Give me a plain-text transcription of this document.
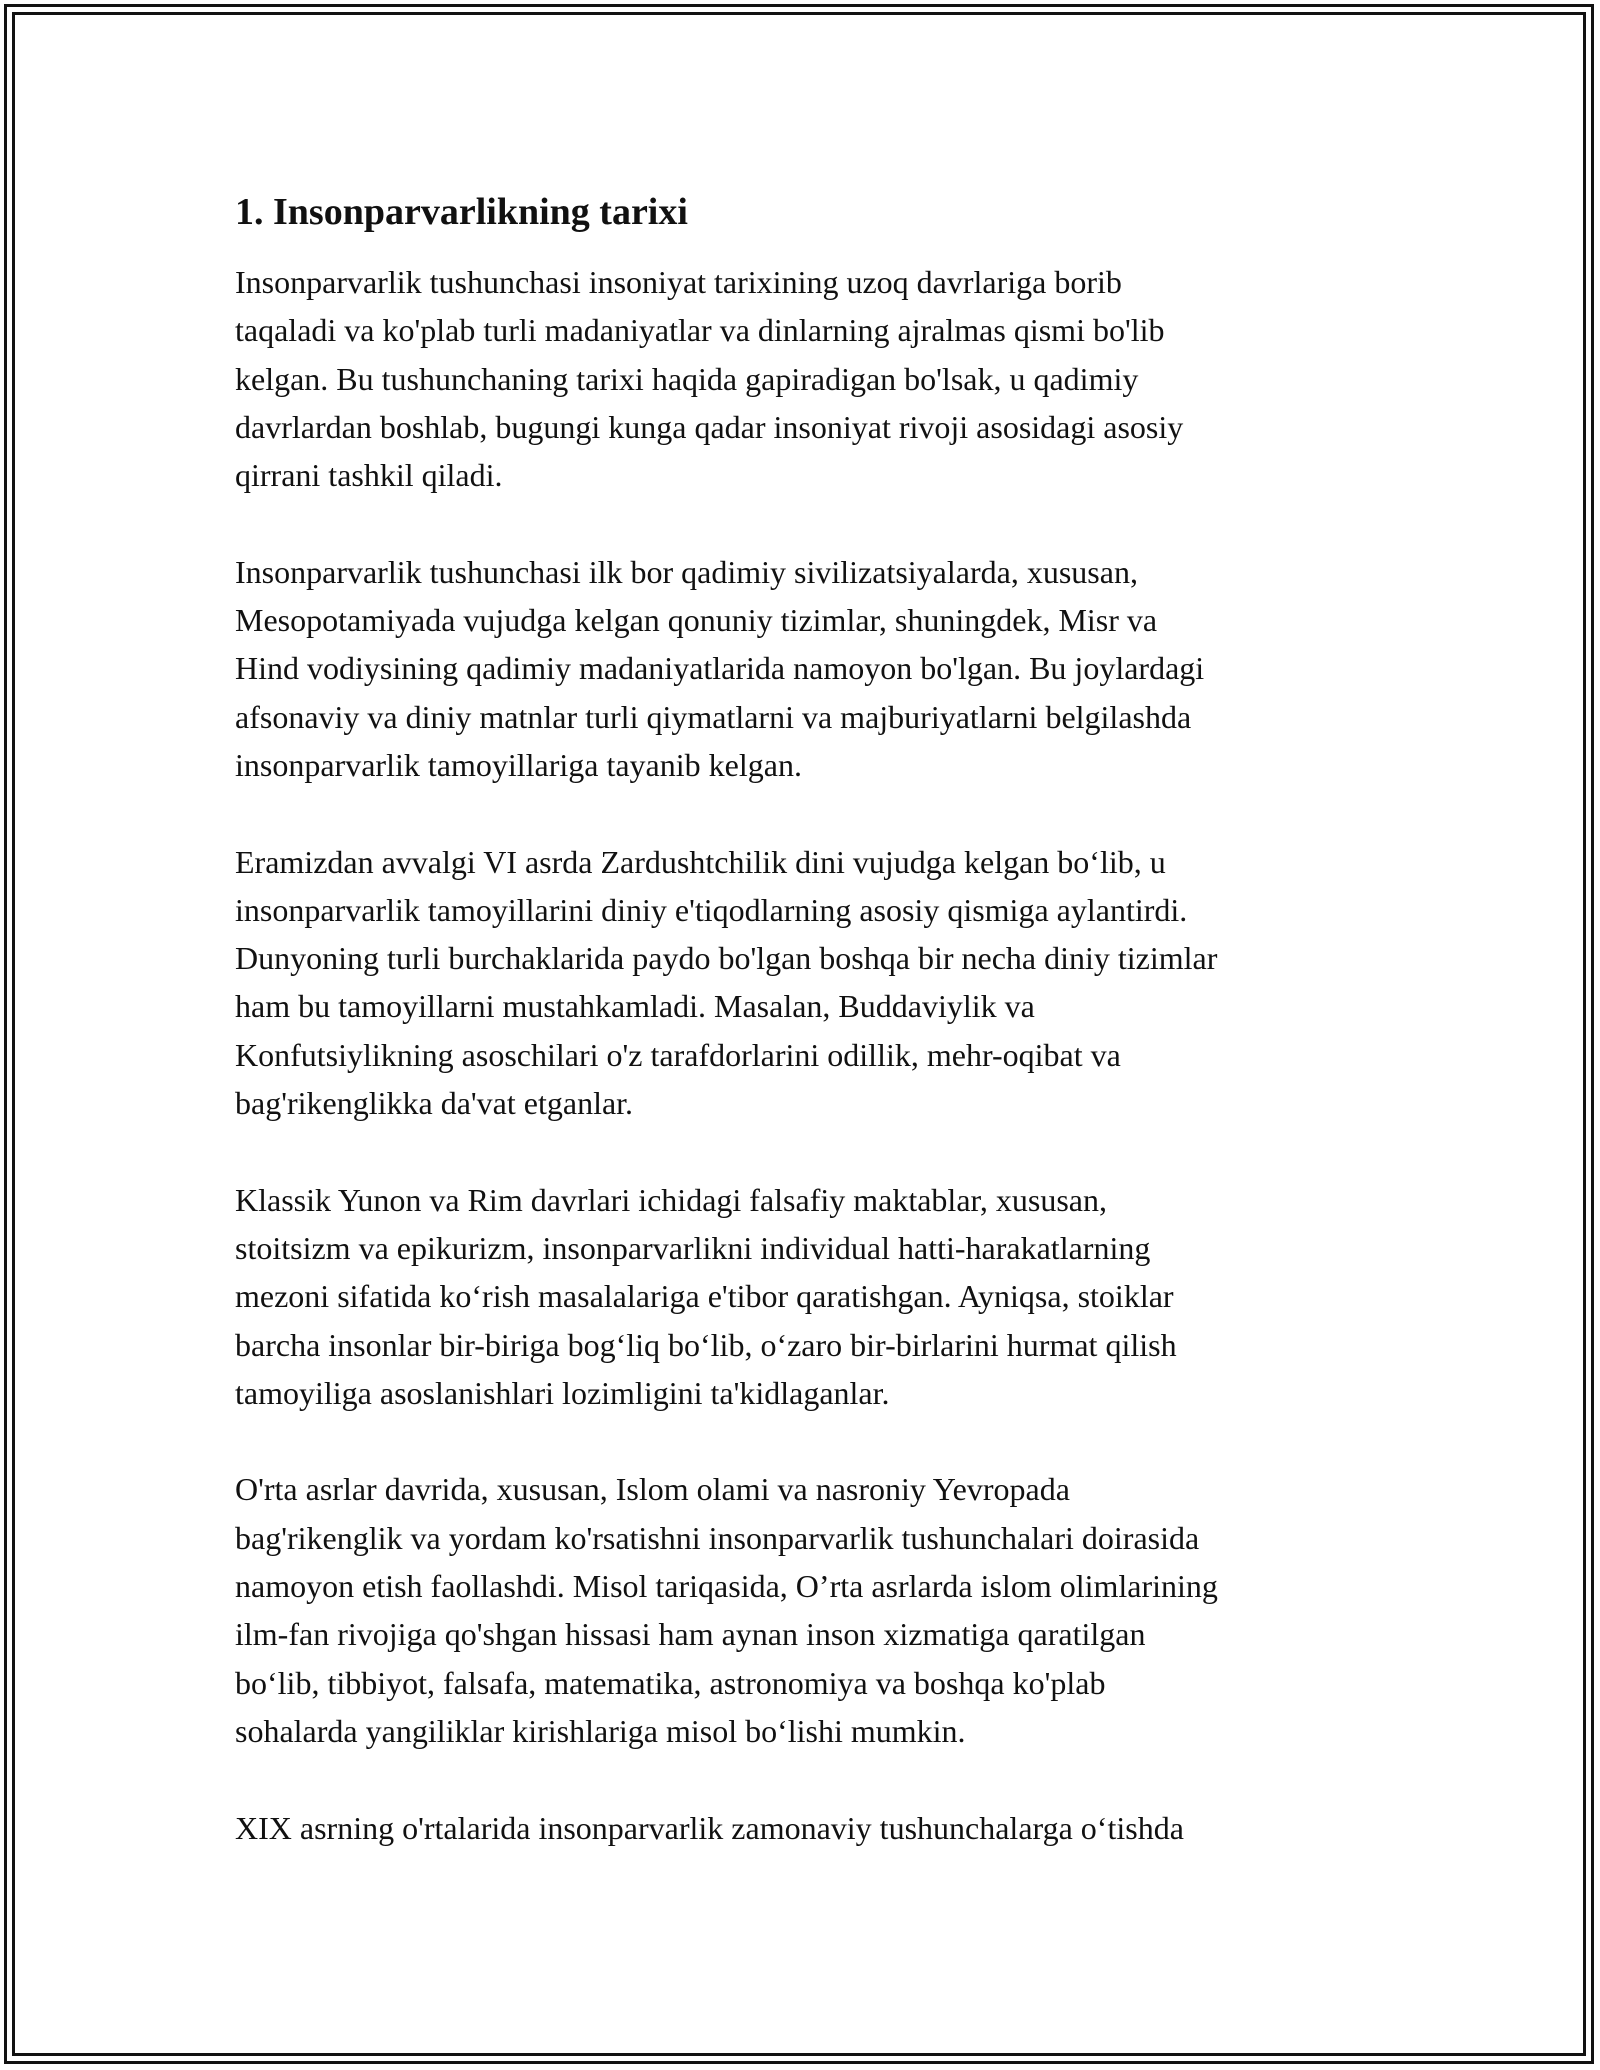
1. Insonparvarlikning tarixi
Insonparvarlik tushunchasi insoniyat tarixining uzoq davrlariga borib
taqaladi va ko'plab turli madaniyatlar va dinlarning ajralmas qismi bo'lib
kelgan. Bu tushunchaning tarixi haqida gapiradigan bo'lsak, u qadimiy
davrlardan boshlab, bugungi kunga qadar insoniyat rivoji asosidagi asosiy
qirrani tashkil qiladi.
Insonparvarlik tushunchasi ilk bor qadimiy sivilizatsiyalarda, xususan,
Mesopotamiyada vujudga kelgan qonuniy tizimlar, shuningdek, Misr va
Hind vodiysining qadimiy madaniyatlarida namoyon bo'lgan. Bu joylardagi
afsonaviy va diniy matnlar turli qiymatlarni va majburiyatlarni belgilashda
insonparvarlik tamoyillariga tayanib kelgan.
Eramizdan avvalgi VI asrda Zardushtchilik dini vujudga kelgan bo‘lib, u
insonparvarlik tamoyillarini diniy e'tiqodlarning asosiy qismiga aylantirdi.
Dunyoning turli burchaklarida paydo bo'lgan boshqa bir necha diniy tizimlar
ham bu tamoyillarni mustahkamladi. Masalan, Buddaviylik va
Konfutsiylikning asoschilari o'z tarafdorlarini odillik, mehr-oqibat va
bag'rikenglikka da'vat etganlar.
Klassik Yunon va Rim davrlari ichidagi falsafiy maktablar, xususan,
stoitsizm va epikurizm, insonparvarlikni individual hatti-harakatlarning
mezoni sifatida ko‘rish masalalariga e'tibor qaratishgan. Ayniqsa, stoiklar
barcha insonlar bir-biriga bog‘liq bo‘lib, o‘zaro bir-birlarini hurmat qilish
tamoyiliga asoslanishlari lozimligini ta'kidlaganlar.
O'rta asrlar davrida, xususan, Islom olami va nasroniy Yevropada
bag'rikenglik va yordam ko'rsatishni insonparvarlik tushunchalari doirasida
namoyon etish faollashdi. Misol tariqasida, O’rta asrlarda islom olimlarining
ilm-fan rivojiga qo'shgan hissasi ham aynan inson xizmatiga qaratilgan
bo‘lib, tibbiyot, falsafa, matematika, astronomiya va boshqa ko'plab
sohalarda yangiliklar kirishlariga misol bo‘lishi mumkin.
XIX asrning o'rtalarida insonparvarlik zamonaviy tushunchalarga o‘tishda
